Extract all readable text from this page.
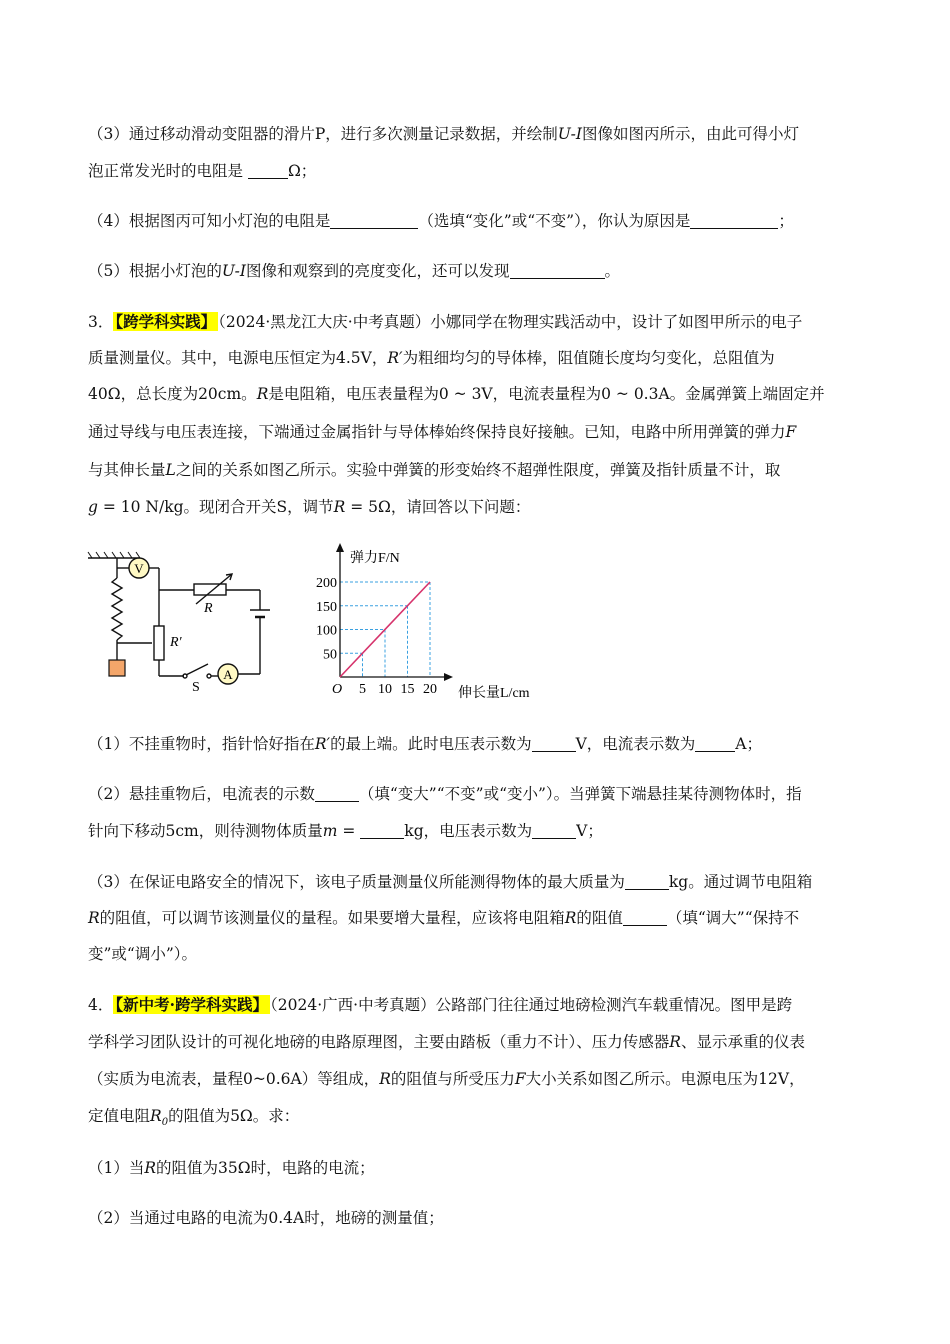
（3）通过移动滑动变阻器的滑片P，进行多次测量记录数据，并绘制U-I图像如图丙所示，由此可得小灯
泡正常发光时的电阻是	Ω；
（4）根据图丙可知小灯泡的电阻是	（选填“变化”或“不变”），你认为原因是	；
（5）根据小灯泡的U-I图像和观察到的亮度变化，还可以发现	。
3． 【跨学科实践】 （2024·黑龙江大庆·中考真题）小娜同学在物理实践活动中，设计了如图甲所示的电子
质量测量仪。其中，电源电压恒定为4.5V，R′为粗细均匀的导体棒，阻值随长度均匀变化，总阻值为
40Ω，总长度为20cm。R是电阻箱，电压表量程为0 ~ 3V，电流表量程为0 ~ 0.3A。金属弹簧上端固定并
通过导线与电压表连接，下端通过金属指针与导体棒始终保持良好接触。已知，电路中所用弹簧的弹力F
与其伸长量L之间的关系如图乙所示。实验中弹簧的形变始终不超弹性限度，弹簧及指针质量不计，取
g = 10 N/kg。现闭合开关S，调节R = 5Ω，请回答以下问题：
V
A
R
R′
S	5 10 15 20
50
100
150
200
弹力F/N
伸长量L/cm
O
（1）不挂重物时，指针恰好指在R′的最上端。此时电压表示数为	V，电流表示数为	A；
（2）悬挂重物后，电流表的示数	（填“变大”“不变”或“变小”）。当弹簧下端悬挂某待测物体时，指
针向下移动5cm，则待测物体质量m =	kg，电压表示数为	V；
（3）在保证电路安全的情况下，该电子质量测量仪所能测得物体的最大质量为	kg。通过调节电阻箱
R的阻值，可以调节该测量仪的量程。如果要增大量程，应该将电阻箱R的阻值	（填“调大”“保持不
变”或“调小”）。
4． 【新中考·跨学科实践】 （2024·广西·中考真题）公路部门往往通过地磅检测汽车载重情况。图甲是跨
学科学习团队设计的可视化地磅的电路原理图，主要由踏板（重力不计）、压力传感器R、显示承重的仪表
（实质为电流表，量程0~0.6A）等组成，R的阻值与所受压力F大小关系如图乙所示。电源电压为12V，
定值电阻$R_0$的阻值为5Ω。求：
（1）当R的阻值为35Ω时，电路的电流；
（2）当通过电路的电流为0.4A时，地磅的测量值；
